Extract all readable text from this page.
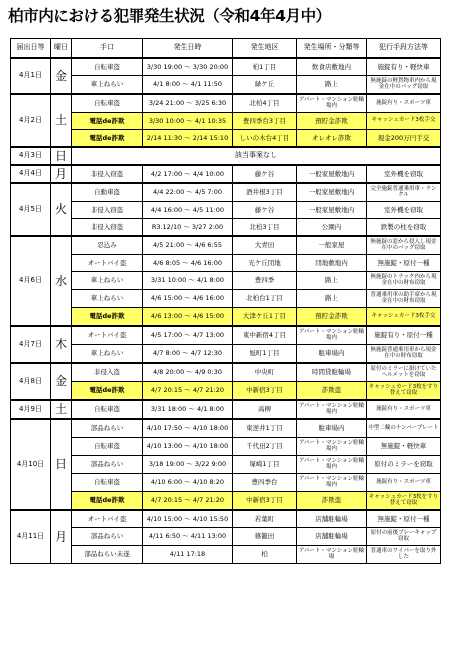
柏市内における犯罪発生状況（令和4年4月中）
届出日等	曜日	手口	発生日時	発生地区	発生場所・分類等	犯行手段方法等
4月1日	金	自転車盗	3/30 19:00 ～ 3/30 20:00	柏1丁目	飲食店敷地内	施錠有り・軽快車
		車上ねらい	4/1 8:00 ～ 4/1 11:50	緑ケ丘	路上	無施錠の軽貨物車内から現金在中のバッグ窃取
4月2日	土	自転車盗	3/24 21:00 ～ 3/25 6:30	北柏4丁目	アパート・マンション駐輪場内	施錠有り・スポーツ車
		電話de詐欺	3/30 10:00 ～ 4/1 10:35	豊四季台3丁目	預貯金詐欺	キャッシュカード3枚手交
		電話de詐欺	2/14 11:30 ～ 2/14 15:10	しいの木台4丁目	オレオレ詐欺	現金200万円手交
4月3日	日	該当事案なし				
4月4日	月	非侵入窃盗	4/2 17:00 ～ 4/4 10:00	藤ケ谷	一般家屋敷地内	室外機を窃取
4月5日	火	自動車盗	4/4 22:00 ～ 4/5 7:00	酒井根3丁目	一般家屋敷地内	完全施錠普通乗用車・ランクル
		非侵入窃盗	4/4 16:00 ～ 4/5 11:00	藤ケ谷	一般家屋敷地内	室外機を窃取
		非侵入窃盗	R3.12/10 ～ 3/27 2:00	北柏3丁目	公園内	鉄製の柱を窃取
4月6日	水	忍込み	4/5 21:00 ～ 4/6 6:55	大青田	一般家屋	無施錠の窓から侵入し現金在中のバッグ窃取
		オートバイ盗	4/6 8:05 ～ 4/6 16:00	光ケ丘団地	団地敷地内	無施錠・原付一種
		車上ねらい	3/31 10:00 ～ 4/1 8:00	豊四季	路上	無施錠のトラック内から現金在中の財布窃取
		車上ねらい	4/6 15:00 ～ 4/6 16:00	北柏台1丁目	路上	普通乗用車の助手席から現金在中の財布窃取
		電話de詐欺	4/6 13:00 ～ 4/6 15:00	大津ケ丘1丁目	預貯金詐欺	キャッシュカード3枚手交
4月7日	木	オートバイ盗	4/5 17:00 ～ 4/7 13:00	東中新宿4丁目	アパート・マンション駐輪場内	施錠有り・原付一種
		車上ねらい	4/7 8:00 ～ 4/7 12:30	旭町1丁目	駐車場内	無施錠普通乗用車から現金在中の財布窃取
4月8日	金	非侵入盗	4/8 20:00 ～ 4/9 0:30	中央町	時間貸駐輪場	原付のミラーに掛けていたヘルメットを窃取
		電話de詐欺	4/7 20:15 ～ 4/7 21:20	中新宿3丁目	詐欺盗	キャッシュカード3枚をすり替えて窃取
4月9日	土	自転車盗	3/31 18:00 ～ 4/1 8:00	高柳	アパート・マンション駐輪場内	施錠有り・スポーツ車
4月10日	日	部品ねらい	4/10 17:50 ～ 4/10 18:00	東逆井1丁目	駐車場内	中型二輪のナンバープレート
		自転車盗	4/10 13:00 ～ 4/10 18:00	千代田2丁目	アパート・マンション駐輪場内	無施錠・軽快車
		部品ねらい	3/18 19:00 ～ 3/22 9:00	塚崎1丁目	アパート・マンション駐輪場内	原付のミラーを窃取
		自転車盗	4/10 6:00 ～ 4/10 8:20	豊四季台	アパート・マンション駐輪場内	施錠有り・スポーツ車
		電話de詐欺	4/7 20:15 ～ 4/7 21:20	中新宿3丁目	詐欺盗	キャッシュカード3枚をすり替えて窃取
4月11日	月	オートバイ盗	4/10 15:00 ～ 4/10 15:50	若葉町	店舗駐輪場	無施錠・原付一種
		部品ねらい	4/11 6:50 ～ 4/11 13:00	篠籠田	店舗駐輪場	原付の前後ブレーキャップ窃取
		部品ねらい未遂	4/11 17:18	柏	アパート・マンション駐輪場	普通車のワイパーを取り外した
